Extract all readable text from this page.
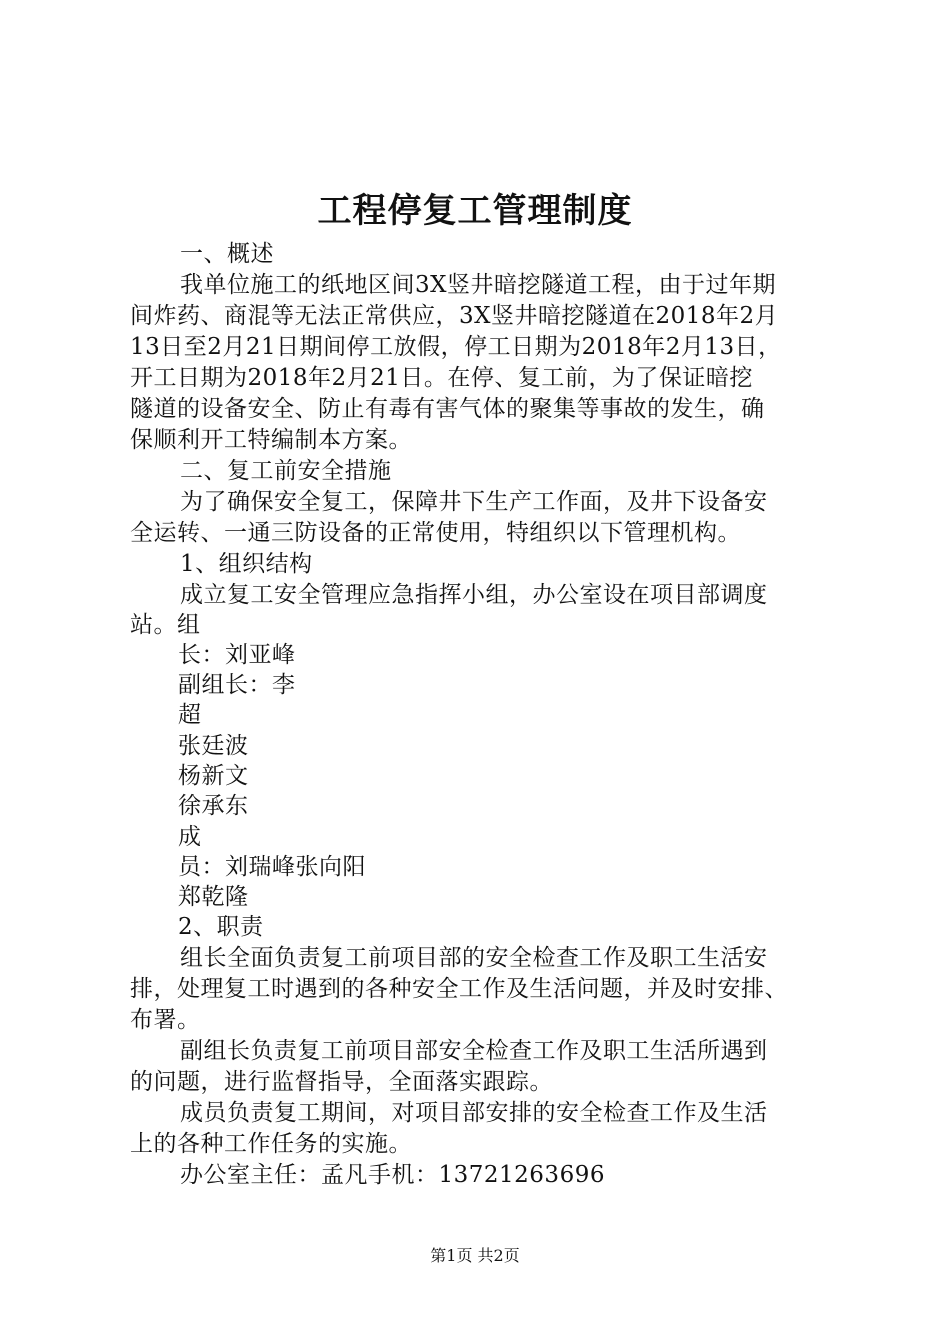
工程停复工管理制度
一、概述
我单位施工的纸地区间3X竖井暗挖隧道工程，由于过年期
间炸药、商混等无法正常供应，3X竖井暗挖隧道在2018年2月
13日至2月21日期间停工放假，停工日期为2018年2月13日，
开工日期为2018年2月21日。在停、复工前，为了保证暗挖
隧道的设备安全、防止有毒有害气体的聚集等事故的发生，确
保顺利开工特编制本方案。
二、复工前安全措施
为了确保安全复工，保障井下生产工作面，及井下设备安
全运转、一通三防设备的正常使用，特组织以下管理机构。
1、组织结构
成立复工安全管理应急指挥小组，办公室设在项目部调度
站。组
长：刘亚峰
副组长：李
超
张廷波
杨新文
徐承东
成
员：刘瑞峰张向阳
郑乾隆
2、职责
组长全面负责复工前项目部的安全检查工作及职工生活安
排，处理复工时遇到的各种安全工作及生活问题，并及时安排、
布署。
副组长负责复工前项目部安全检查工作及职工生活所遇到
的问题，进行监督指导，全面落实跟踪。
成员负责复工期间，对项目部安排的安全检查工作及生活
上的各种工作任务的实施。
办公室主任：孟凡手机：13721263696
第1页 共2页
